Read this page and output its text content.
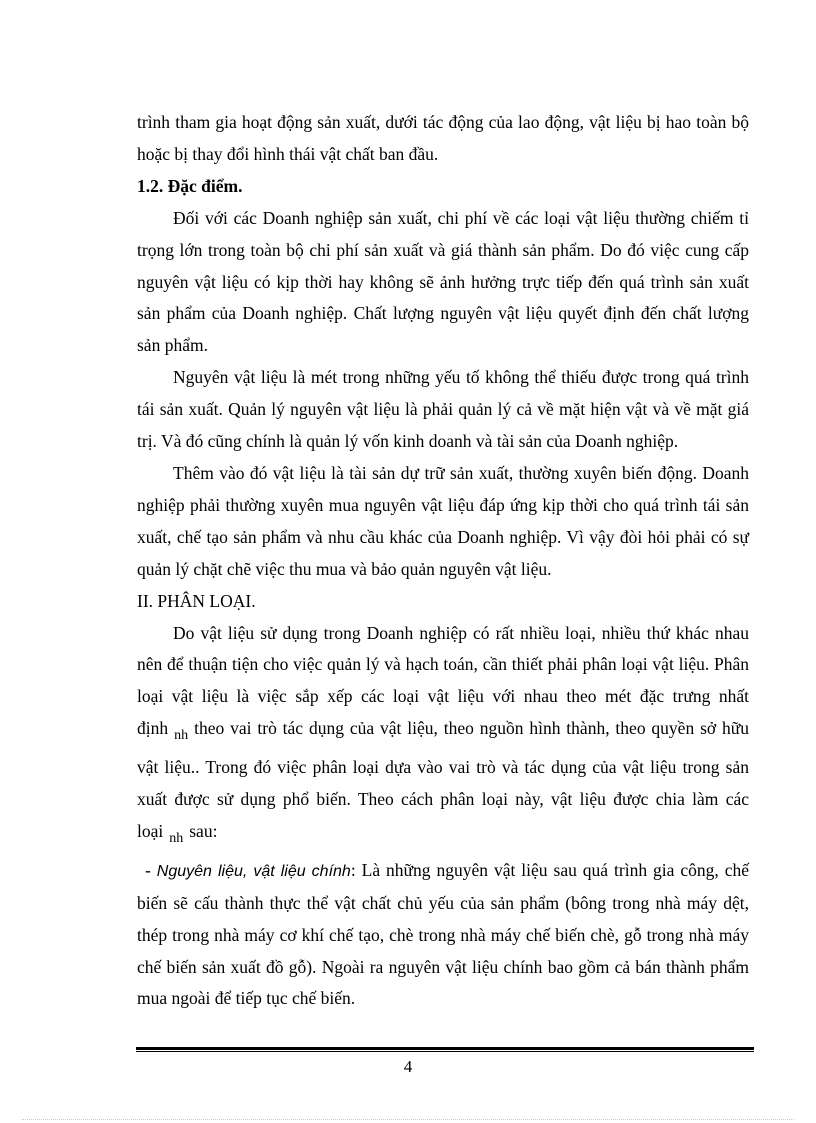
trình tham gia hoạt động sản xuất, dưới tác động của lao động, vật liệu bị hao toàn bộ hoặc bị thay đổi hình thái vật chất ban đầu.

1.2. Đặc điểm.

Đối với các Doanh nghiệp sản xuất, chi phí về các loại vật liệu thường chiếm tỉ trọng lớn trong toàn bộ chi phí sản xuất và giá thành sản phẩm. Do đó việc cung cấp nguyên vật liệu có kịp thời hay không sẽ ảnh hưởng trực tiếp đến quá trình sản xuất sản phẩm của Doanh nghiệp. Chất lượng nguyên vật liệu quyết định đến chất lượng sản phẩm.

Nguyên vật liệu là mét trong những yếu tố không thể thiếu được trong quá trình tái sản xuất. Quản lý nguyên vật liệu là phải quản lý cả về mặt hiện vật và về mặt giá trị. Và đó cũng chính là quản lý vốn kinh doanh và tài sản của Doanh nghiệp.

Thêm vào đó vật liệu là tài sản dự trữ sản xuất, thường xuyên biến động. Doanh nghiệp phải thường xuyên mua nguyên vật liệu đáp ứng kịp thời cho quá trình tái sản xuất, chế tạo sản phẩm và nhu cầu khác của Doanh nghiệp. Vì vậy đòi hỏi phải có sự quản lý chặt chẽ việc thu mua và bảo quản nguyên vật liệu.

II. PHÂN LOẠI.

Do vật liệu sử dụng trong Doanh nghiệp có rất nhiều loại, nhiều thứ khác nhau nên để thuận tiện cho việc quản lý và hạch toán, cần thiết phải phân loại vật liệu. Phân loại vật liệu là việc sắp xếp các loại vật liệu với nhau theo mét đặc trưng nhất định $_{nh}$ theo vai trò tác dụng của vật liệu, theo nguồn hình thành, theo quyền sở hữu vật liệu.. Trong đó việc phân loại dựa vào vai trò và tác dụng của vật liệu trong sản xuất được sử dụng phổ biến. Theo cách phân loại này, vật liệu được chia làm các loại $_{nh}$ sau:

- Nguyên liệu, vật liệu chính: Là những nguyên vật liệu sau quá trình gia công, chế biến sẽ cấu thành thực thể vật chất chủ yếu của sản phẩm (bông trong nhà máy dệt, thép trong nhà máy cơ khí chế tạo, chè trong nhà máy chế biến chè, gỗ trong nhà máy chế biến sản xuất đồ gỗ). Ngoài ra nguyên vật liệu chính bao gồm cả bán thành phẩm mua ngoài để tiếp tục chế biến.

4
